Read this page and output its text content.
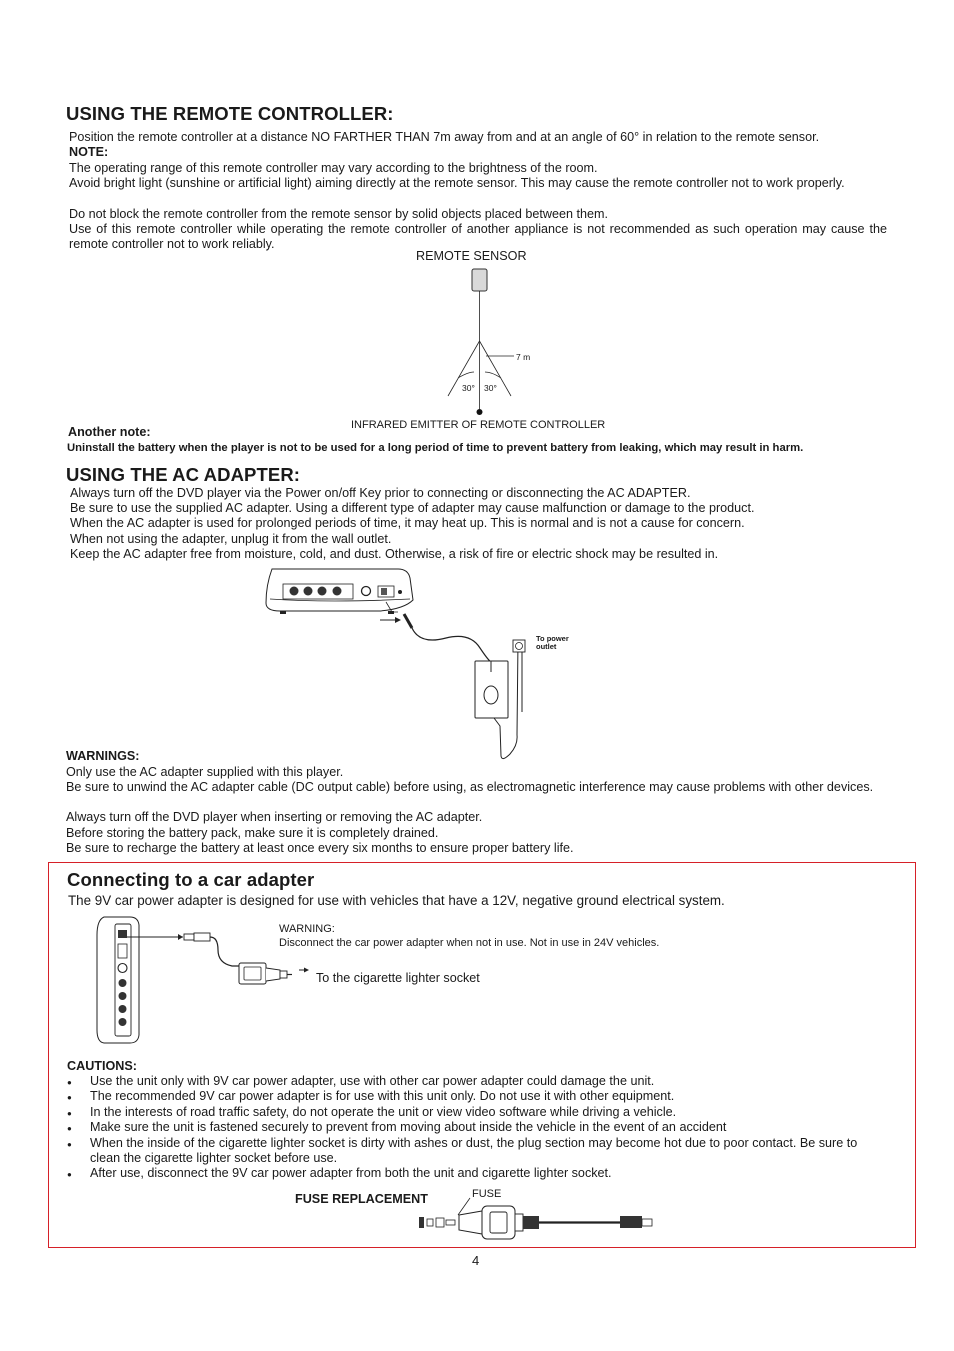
USING THE REMOTE CONTROLLER:
Position the remote controller at a distance NO FARTHER THAN 7m away from and at an angle of 60° in relation to the remote sensor.
NOTE:
The operating range of this remote controller may vary according to the brightness of the room.
Avoid bright light (sunshine or artificial light) aiming directly at the remote sensor. This may cause the remote controller not to work properly.
Do not block the remote controller from the remote sensor by solid objects placed between them.
Use of this remote controller while operating the remote controller of another appliance is not recommended as such operation may cause the remote controller not to work reliably.
REMOTE SENSOR
7 m
30° 30°
INFRARED EMITTER OF REMOTE CONTROLLER
Another note:
Uninstall the battery when the player is not to be used for a long period of time to prevent battery from leaking, which may result in harm.
USING THE AC ADAPTER:
Always turn off the DVD player via the Power on/off Key prior to connecting or disconnecting the AC ADAPTER.
Be sure to use the supplied AC adapter. Using a different type of adapter may cause malfunction or damage to the product.
When the AC adapter is used for prolonged periods of time, it may heat up. This is normal and is not a cause for concern.
When not using the adapter, unplug it from the wall outlet.
Keep the AC adapter free from moisture, cold, and dust. Otherwise, a risk of fire or electric shock may be resulted in.
To power
outlet
WARNINGS:
Only use the AC adapter supplied with this player.
Be sure to unwind the AC adapter cable (DC output cable) before using, as electromagnetic interference may cause problems with other devices.
Always turn off the DVD player when inserting or removing the AC adapter.
Before storing the battery pack, make sure it is completely drained.
Be sure to recharge the battery at least once every six months to ensure proper battery life.
Connecting to a car adapter
The 9V car power adapter is designed for use with vehicles that have a 12V, negative ground electrical system.
WARNING:
Disconnect the car power adapter when not in use. Not in use in 24V vehicles.
To the cigarette lighter socket
CAUTIONS:
● Use the unit only with 9V car power adapter, use with other car power adapter could damage the unit.
● The recommended 9V car power adapter is for use with this unit only. Do not use it with other equipment.
● In the interests of road traffic safety, do not operate the unit or view video software while driving a vehicle.
● Make sure the unit is fastened securely to prevent from moving about inside the vehicle in the event of an accident
● When the inside of the cigarette lighter socket is dirty with ashes or dust, the plug section may become hot due to poor contact. Be sure to clean the cigarette lighter socket before use.
● After use, disconnect the 9V car power adapter from both the unit and cigarette lighter socket.
FUSE REPLACEMENT	FUSE
4
